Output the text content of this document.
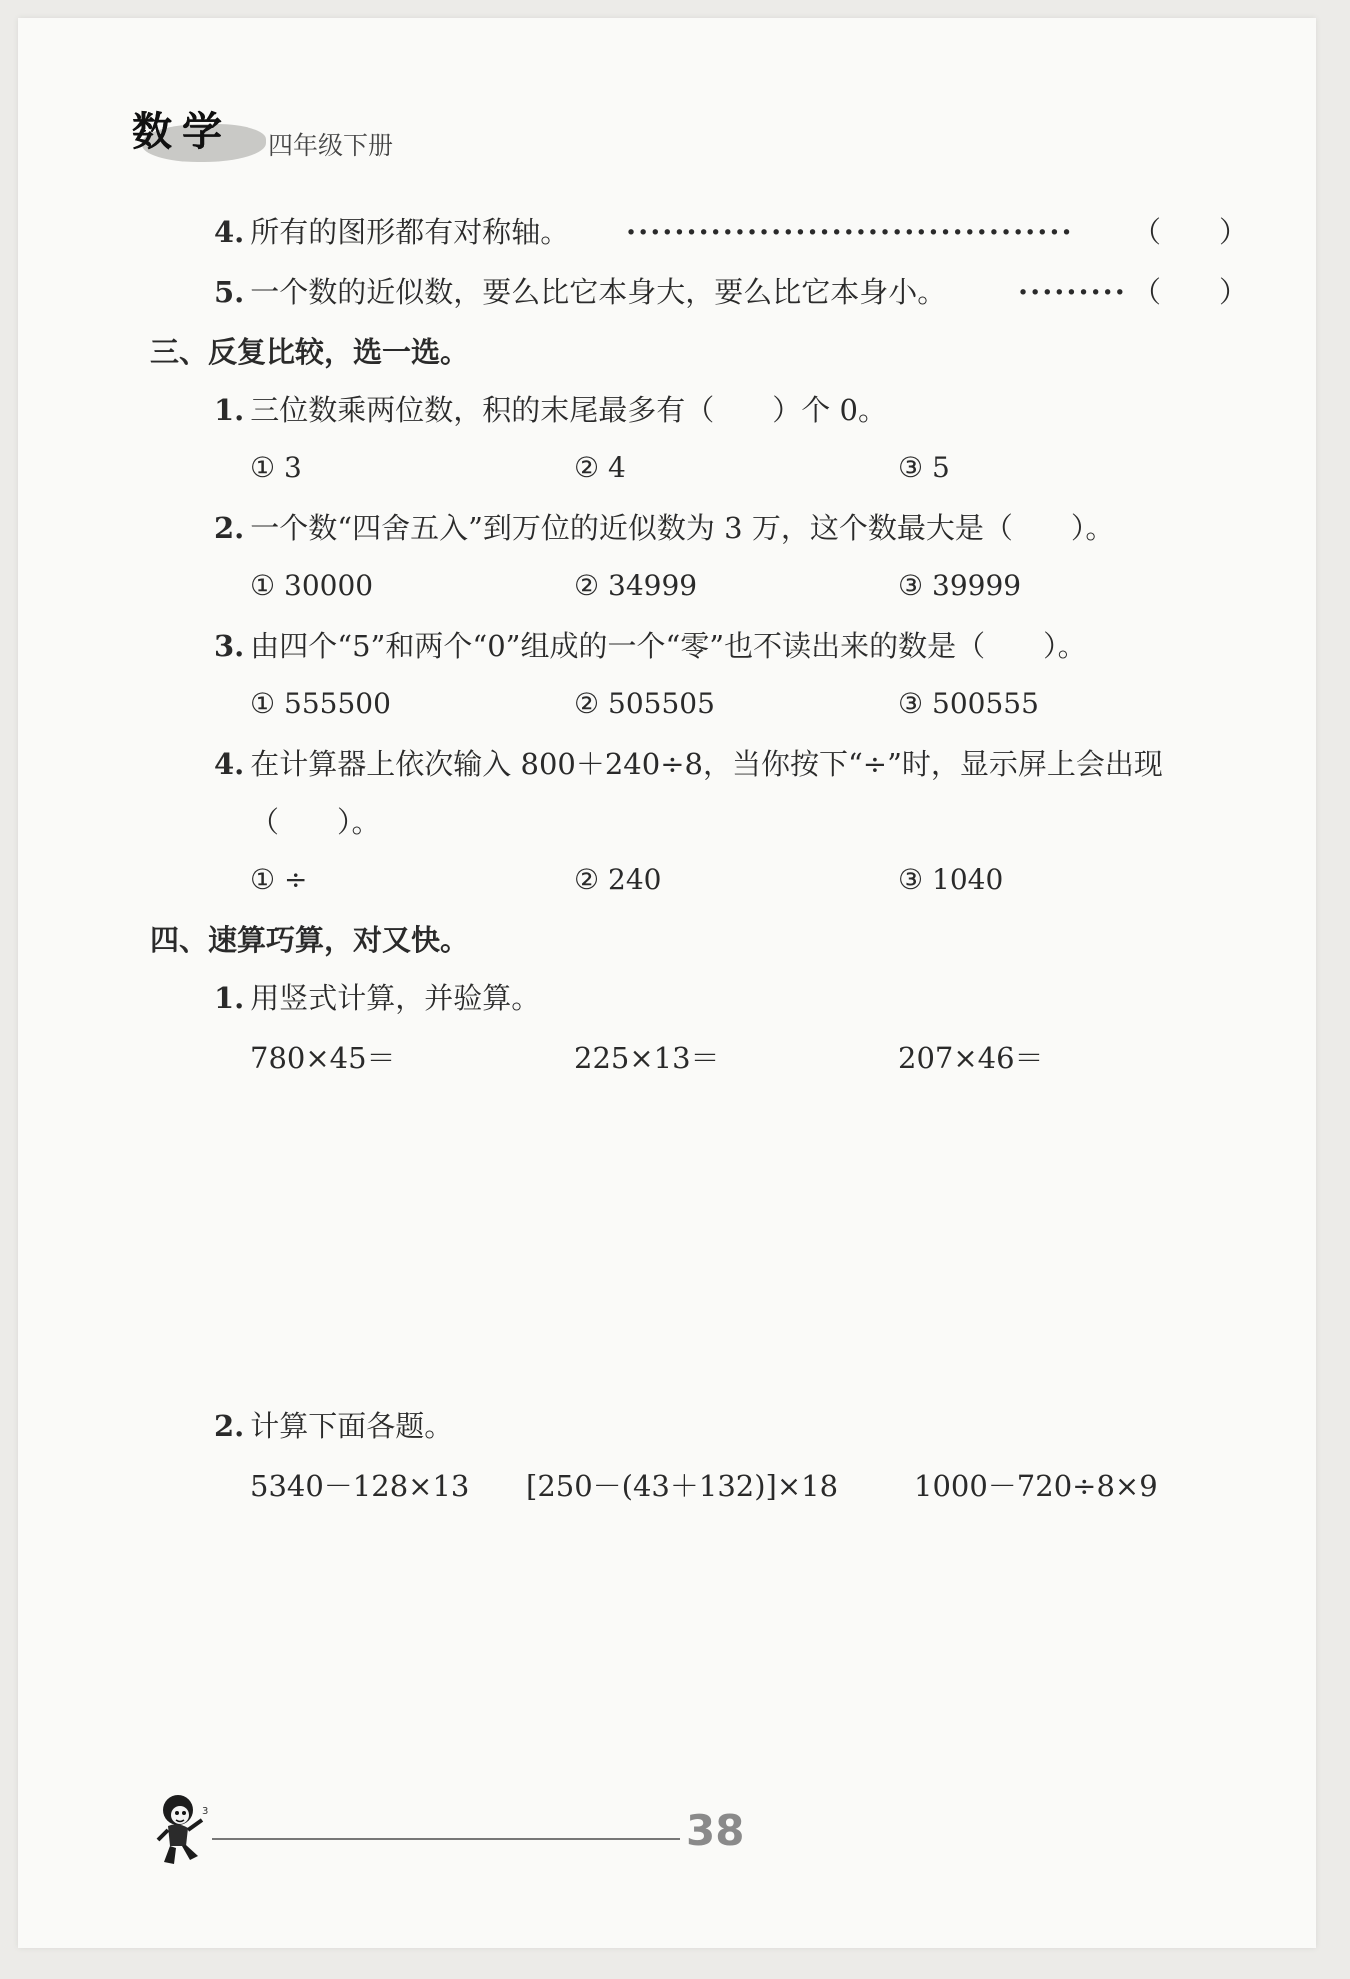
数学 四年级下册
4. 所有的图形都有对称轴。 ····································· （　　）
5. 一个数的近似数，要么比它本身大，要么比它本身小。 ········· （　　）
三、反复比较，选一选。
1. 三位数乘两位数，积的末尾最多有（　　）个 0。
① 3	② 4	③ 5
2. 一个数“四舍五入”到万位的近似数为 3 万，这个数最大是（　　）。
① 30000	② 34999	③ 39999
3. 由四个“5”和两个“0”组成的一个“零”也不读出来的数是（　　）。
① 555500	② 505505	③ 500555
4. 在计算器上依次输入 800＋240÷8，当你按下“÷”时，显示屏上会出现
（　　）。
① ÷	② 240	③ 1040
四、速算巧算，对又快。
1. 用竖式计算，并验算。
780×45＝	225×13＝	207×46＝
2. 计算下面各题。
5340－128×13 [250－(43＋132)]×18	1000－720÷8×9
3	38
